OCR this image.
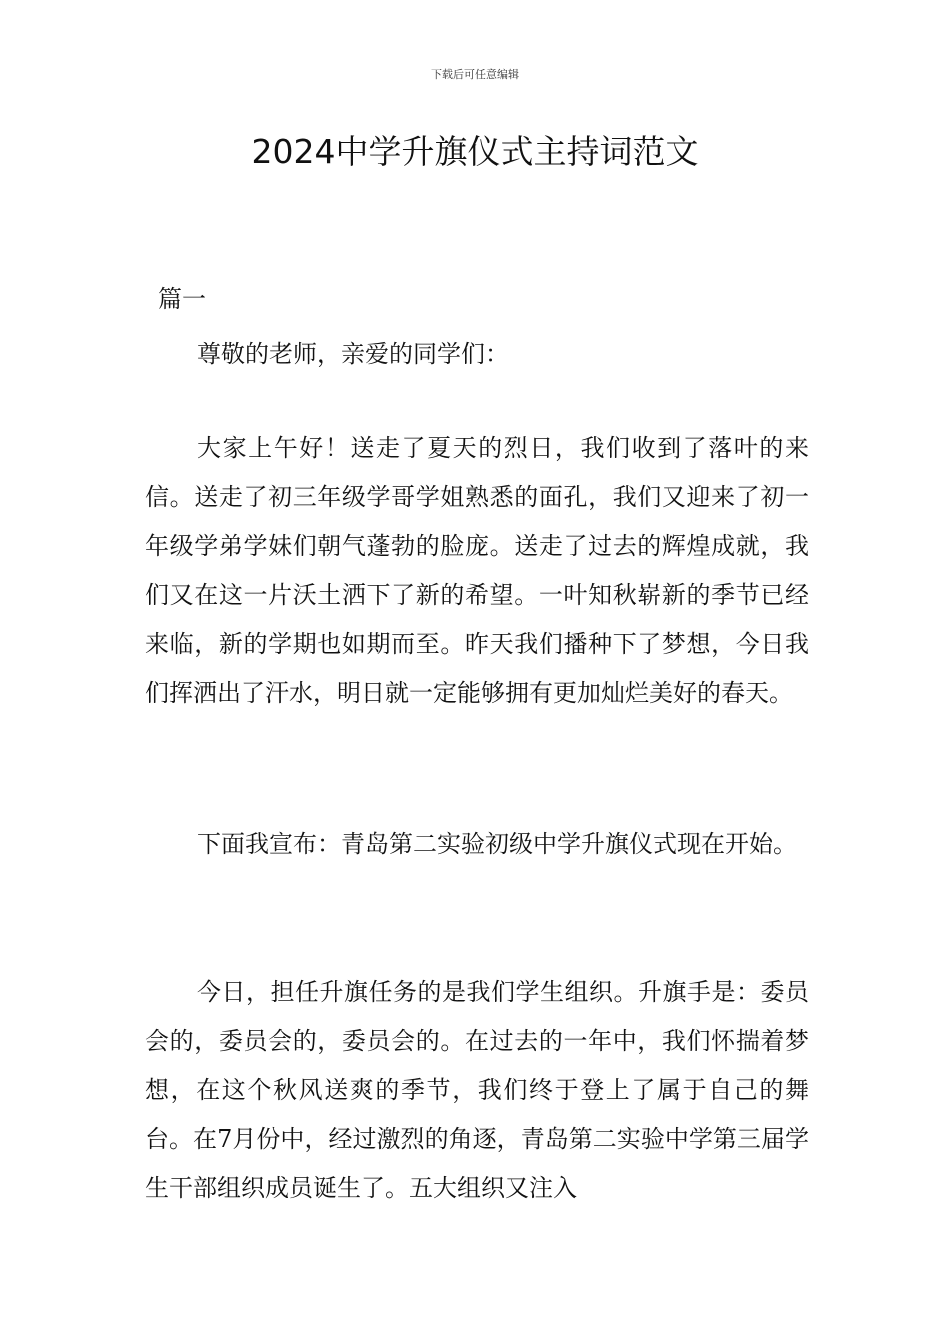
下载后可任意编辑
2024中学升旗仪式主持词范文
篇一

尊敬的老师，亲爱的同学们：

大家上午好！送走了夏天的烈日，我们收到了落叶的来信。送走了初三年级学哥学姐熟悉的面孔，我们又迎来了初一年级学弟学妹们朝气蓬勃的脸庞。送走了过去的辉煌成就，我们又在这一片沃土洒下了新的希望。一叶知秋崭新的季节已经来临，新的学期也如期而至。昨天我们播种下了梦想，今日我们挥洒出了汗水，明日就一定能够拥有更加灿烂美好的春天。

下面我宣布：青岛第二实验初级中学升旗仪式现在开始。

今日，担任升旗任务的是我们学生组织。升旗手是：委员会的，委员会的，委员会的。在过去的一年中，我们怀揣着梦想，在这个秋风送爽的季节，我们终于登上了属于自己的舞台。在7月份中，经过激烈的角逐，青岛第二实验中学第三届学生干部组织成员诞生了。五大组织又注入
